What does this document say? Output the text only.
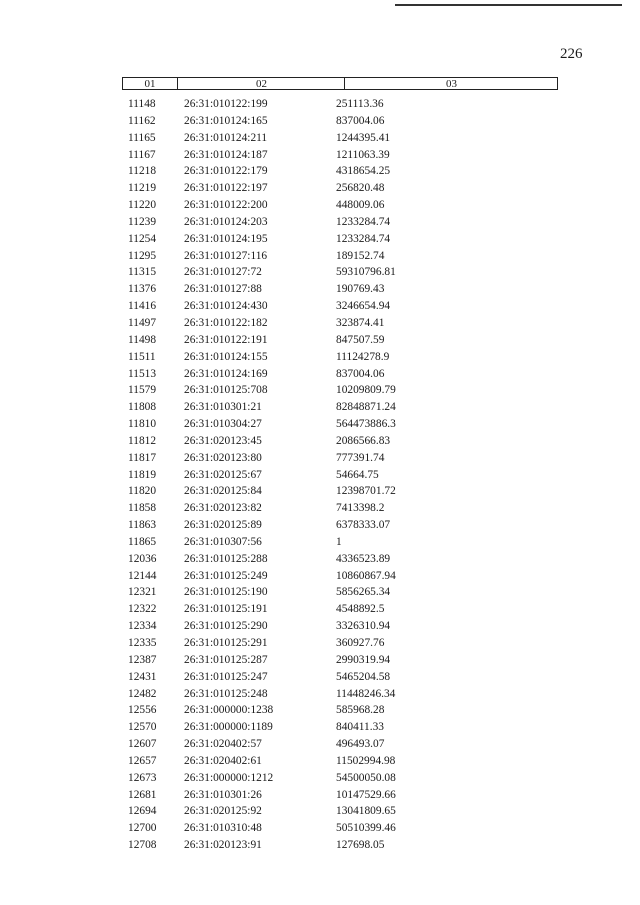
226
01	02	03
11148 26:31:010122:199	251113.36
11162 26:31:010124:165	837004.06
11165 26:31:010124:211	1244395.41
11167 26:31:010124:187	1211063.39
11218 26:31:010122:179	4318654.25
11219 26:31:010122:197	256820.48
11220 26:31:010122:200	448009.06
11239 26:31:010124:203	1233284.74
11254 26:31:010124:195	1233284.74
11295 26:31:010127:116	189152.74
11315 26:31:010127:72	59310796.81
11376 26:31:010127:88	190769.43
11416 26:31:010124:430	3246654.94
11497 26:31:010122:182	323874.41
11498 26:31:010122:191	847507.59
11511 26:31:010124:155	11124278.9
11513 26:31:010124:169	837004.06
11579 26:31:010125:708	10209809.79
11808 26:31:010301:21	82848871.24
11810 26:31:010304:27	564473886.3
11812 26:31:020123:45	2086566.83
11817 26:31:020123:80	777391.74
11819 26:31:020125:67	54664.75
11820 26:31:020125:84	12398701.72
11858 26:31:020123:82	7413398.2
11863 26:31:020125:89	6378333.07
11865 26:31:010307:56	1
12036 26:31:010125:288	4336523.89
12144 26:31:010125:249	10860867.94
12321 26:31:010125:190	5856265.34
12322 26:31:010125:191	4548892.5
12334 26:31:010125:290	3326310.94
12335 26:31:010125:291	360927.76
12387 26:31:010125:287	2990319.94
12431 26:31:010125:247	5465204.58
12482 26:31:010125:248	11448246.34
12556 26:31:000000:1238	585968.28
12570 26:31:000000:1189	840411.33
12607 26:31:020402:57	496493.07
12657 26:31:020402:61	11502994.98
12673 26:31:000000:1212	54500050.08
12681 26:31:010301:26	10147529.66
12694 26:31:020125:92	13041809.65
12700 26:31:010310:48	50510399.46
12708 26:31:020123:91	127698.05
